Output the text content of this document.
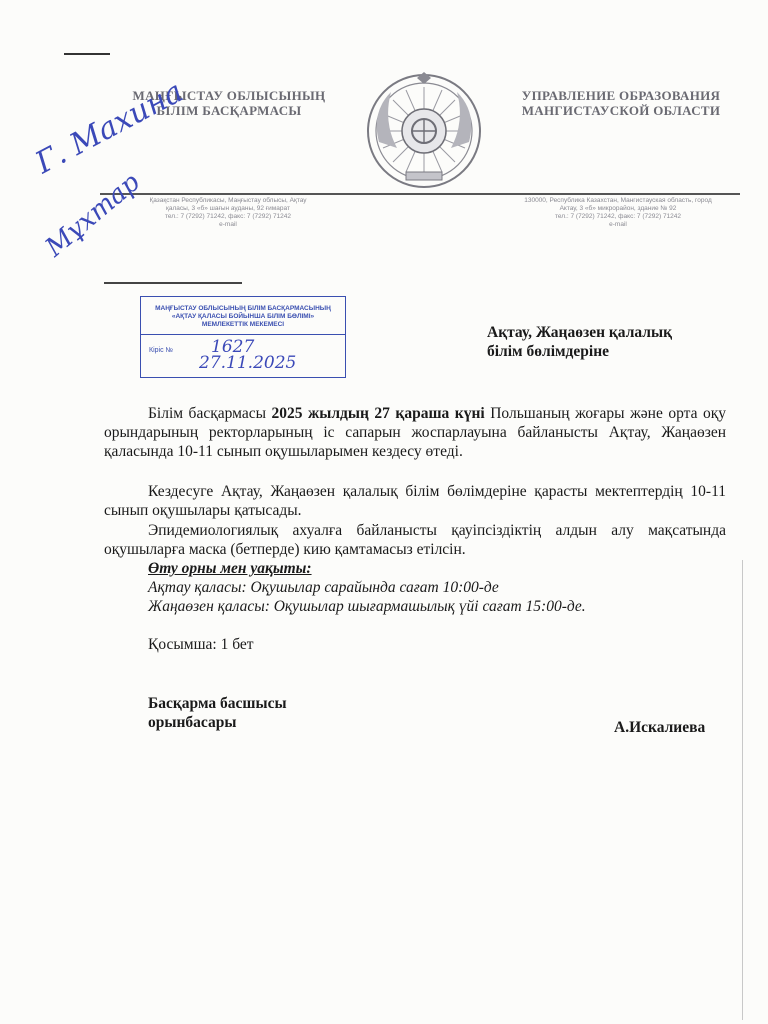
МАҢҒЫСТАУ ОБЛЫСЫНЫҢ
БІЛІМ БАСҚАРМАСЫ
УПРАВЛЕНИЕ ОБРАЗОВАНИЯ
МАНГИСТАУСКОЙ ОБЛАСТИ
Қазақстан Республикасы, Маңғыстау облысы, Ақтау
қаласы, 3 «б» шағын ауданы, 92 ғимарат
тел.: 7 (7292) 71242, факс: 7 (7292) 71242
e-mail
130000, Республика Казахстан, Мангистауская область, город
Актау, 3 «б» микрорайон, здание № 92
тел.: 7 (7292) 71242, факс: 7 (7292) 71242
e-mail
Г. Махина
Мұхтар
МАҢҒЫСТАУ ОБЛЫСЫНЫҢ БІЛІМ БАСҚАРМАСЫНЫҢ
«АҚТАУ ҚАЛАСЫ БОЙЫНША БІЛІМ БӨЛІМІ»
МЕМЛЕКЕТТІК МЕКЕМЕСІ
Кіріс № 1627
27.11.2025
Ақтау, Жаңаөзен қалалық
білім бөлімдеріне
Білім басқармасы 2025 жылдың 27 қараша күні Польшаның жоғары және орта оқу орындарының ректорларының іс сапарын жоспарлауына байланысты Ақтау, Жаңаөзен қаласында 10-11 сынып оқушыларымен кездесу өтеді.
Кездесуге Ақтау, Жаңаөзен қалалық білім бөлімдеріне қарасты мектептердің 10-11 сынып оқушылары қатысады.
Эпидемиологиялық ахуалға байланысты қауіпсіздіктің алдын алу мақсатында оқушыларға маска (бетперде) кию қамтамасыз етілсін.
Өту орны мен уақыты:
Ақтау қаласы: Оқушылар сарайында сағат 10:00-де
Жаңаөзен қаласы: Оқушылар шығармашылық үйі сағат 15:00-де.
Қосымша: 1 бет
Басқарма басшысы
орынбасары	А.Искалиева
